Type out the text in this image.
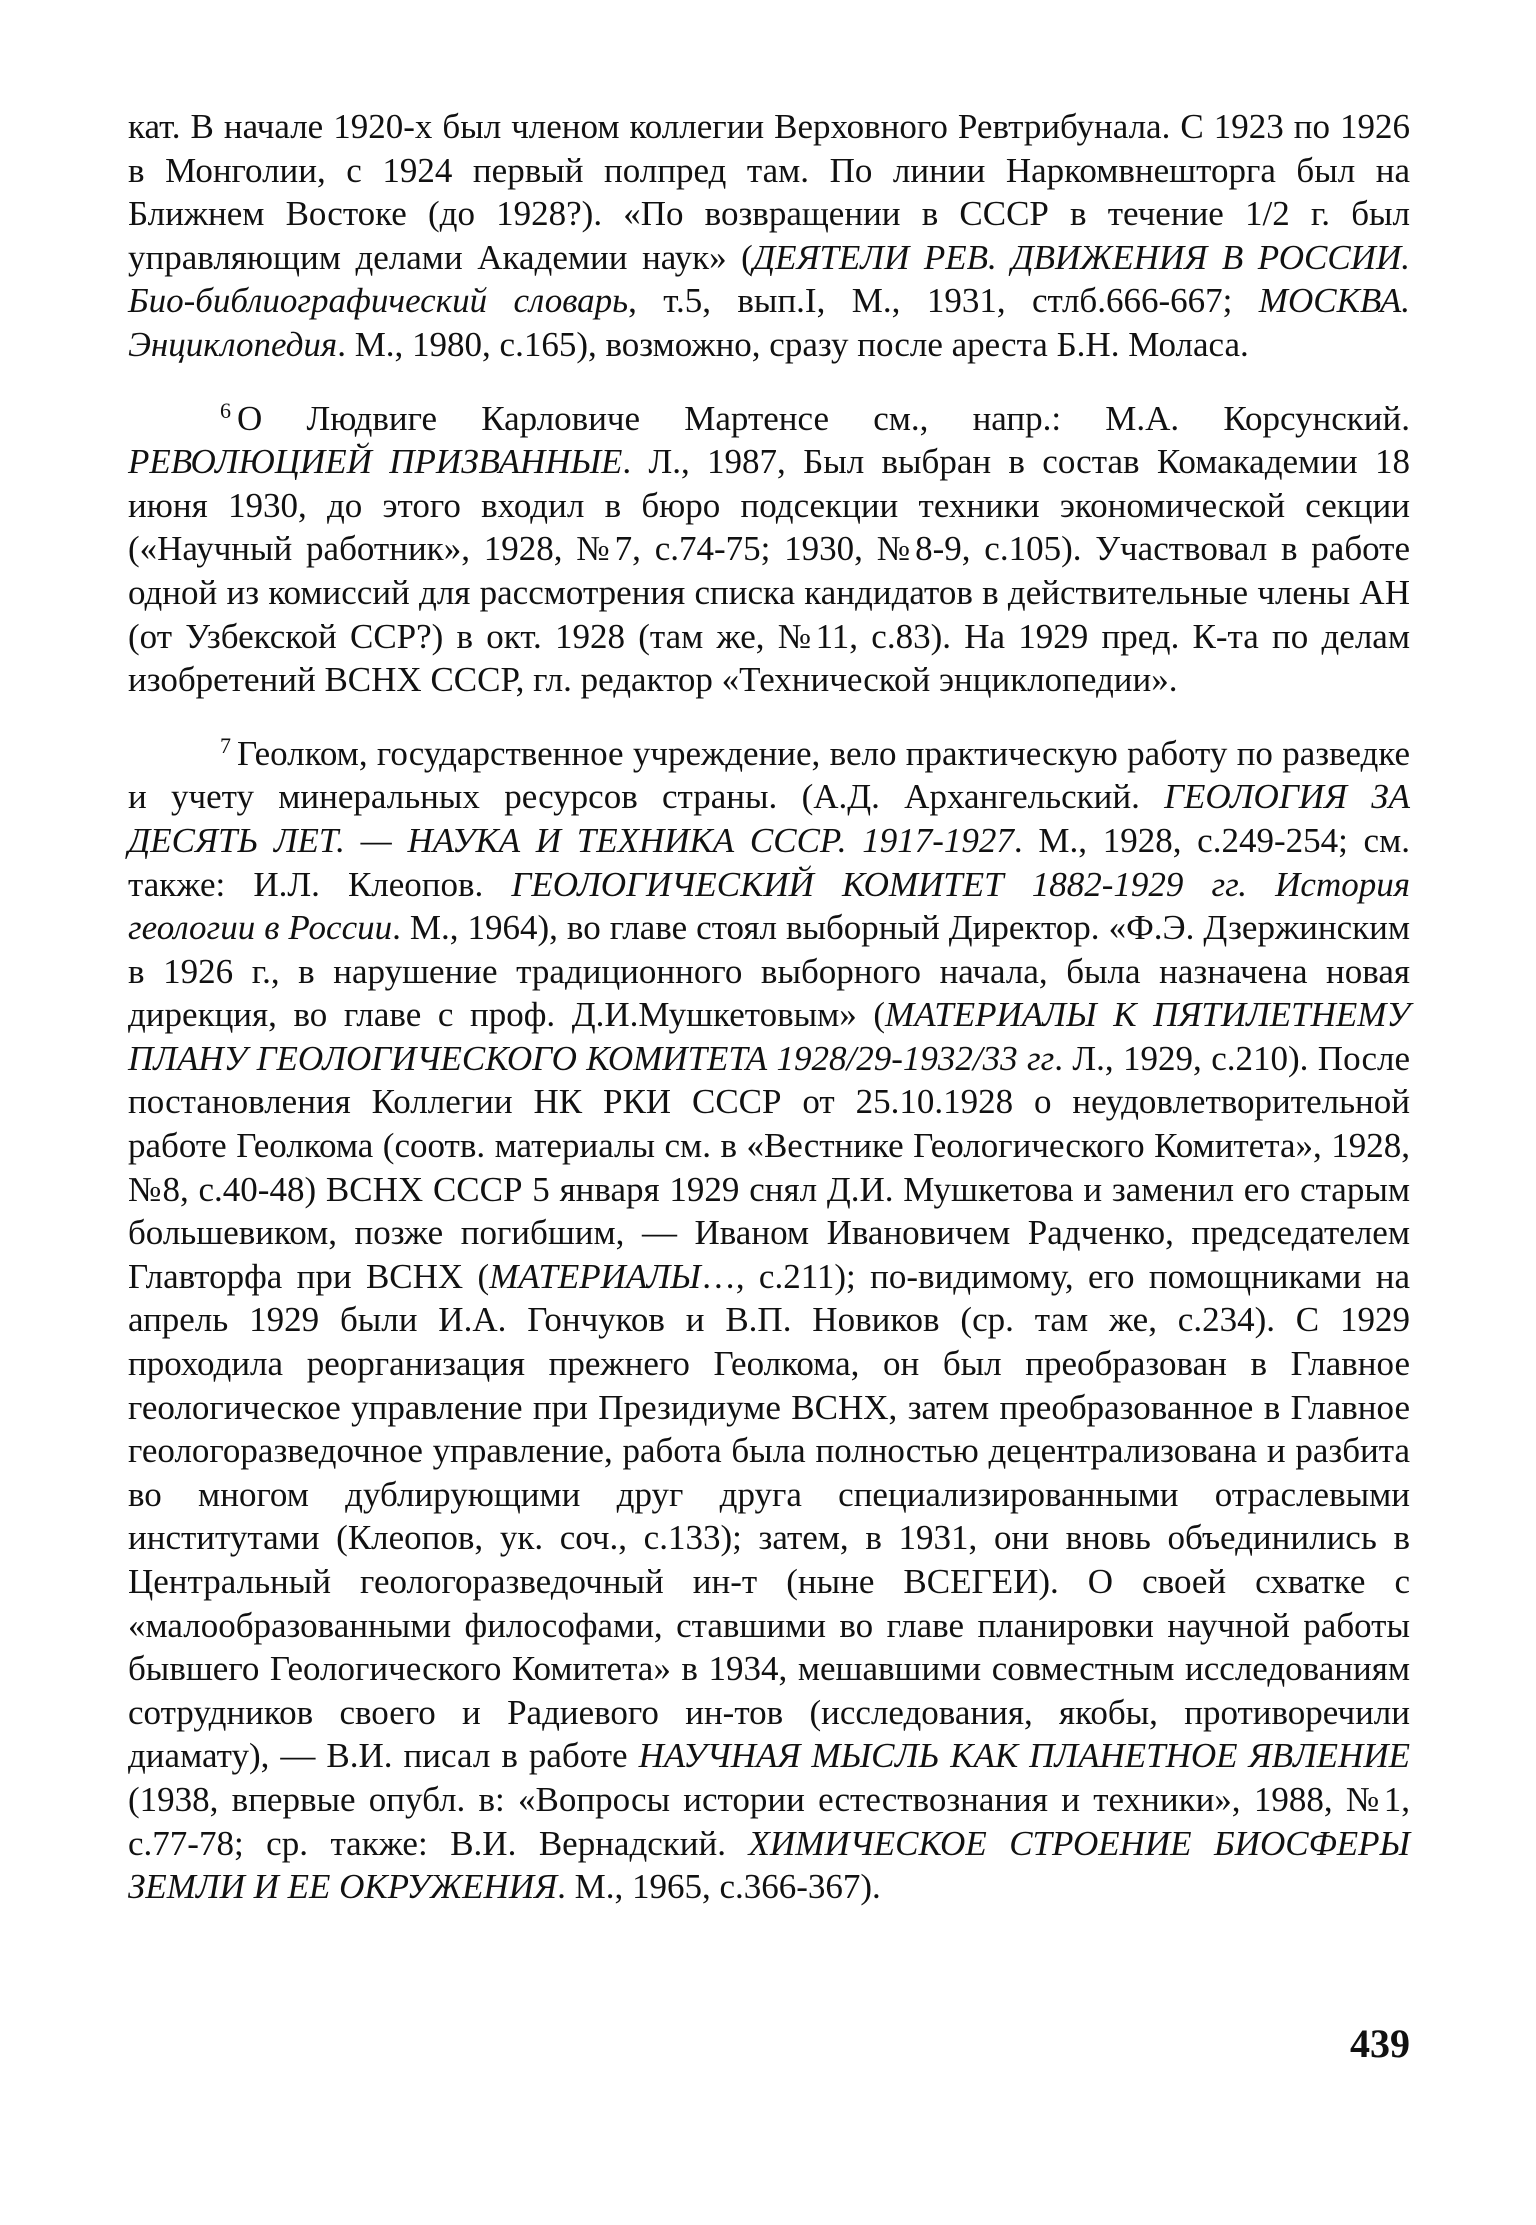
кат. В начале 1920-х был членом коллегии Верховного Ревтрибунала. С 1923 по 1926 в Монголии, с 1924 первый полпред там. По линии Наркомвнешторга был на Ближнем Востоке (до 1928?). «По возвращении в СССР в течение 1/2 г. был управляющим делами Академии наук» (ДЕЯТЕЛИ РЕВ. ДВИЖЕНИЯ В РОССИИ. Био-библиографический словарь, т.5, вып.I, М., 1931, стлб.666-667; МОСКВА. Энциклопедия. М., 1980, с.165), возможно, сразу после ареста Б.Н. Моласа.

$^6$ О Людвиге Карловиче Мартенсе см., напр.: М.А. Корсунский. РЕВОЛЮЦИЕЙ ПРИЗВАННЫЕ. Л., 1987, Был выбран в состав Комакадемии 18 июня 1930, до этого входил в бюро подсекции техники экономической секции («Научный работник», 1928, №7, с.74-75; 1930, №8-9, с.105). Участвовал в работе одной из комиссий для рассмотрения списка кандидатов в действительные члены АН (от Узбекской ССР?) в окт. 1928 (там же, №11, с.83). На 1929 пред. К-та по делам изобретений ВСНХ СССР, гл. редактор «Технической энциклопедии».

$^7$ Геолком, государственное учреждение, вело практическую работу по разведке и учету минеральных ресурсов страны. (А.Д. Архангельский. ГЕОЛОГИЯ ЗА ДЕСЯТЬ ЛЕТ. — НАУКА И ТЕХНИКА СССР. 1917-1927. М., 1928, с.249-254; см. также: И.Л. Клеопов. ГЕОЛОГИЧЕСКИЙ КОМИТЕТ 1882-1929 гг. История геологии в России. М., 1964), во главе стоял выборный Директор. «Ф.Э. Дзержинским в 1926 г., в нарушение традиционного выборного начала, была назначена новая дирекция, во главе с проф. Д.И.Мушкетовым» (МАТЕРИАЛЫ К ПЯТИЛЕТНЕМУ ПЛАНУ ГЕОЛОГИЧЕСКОГО КОМИТЕТА 1928/29-1932/33 гг. Л., 1929, с.210). После постановления Коллегии НК РКИ СССР от 25.10.1928 о неудовлетворительной работе Геолкома (соотв. материалы см. в «Вестнике Геологического Комитета», 1928, №8, с.40-48) ВСНХ СССР 5 января 1929 снял Д.И. Мушкетова и заменил его старым большевиком, позже погибшим, — Иваном Ивановичем Радченко, председателем Главторфа при ВСНХ (МАТЕРИАЛЫ…, с.211); по-видимому, его помощниками на апрель 1929 были И.А. Гончуков и В.П. Новиков (ср. там же, с.234). С 1929 проходила реорганизация прежнего Геолкома, он был преобразован в Главное геологическое управление при Президиуме ВСНХ, затем преобразованное в Главное геологоразведочное управление, работа была полностью децентрализована и разбита во многом дублирующими друг друга специализированными отраслевыми институтами (Клеопов, ук. соч., с.133); затем, в 1931, они вновь объединились в Центральный геологоразведочный ин-т (ныне ВСЕГЕИ). О своей схватке с «малообразованными философами, ставшими во главе планировки научной работы бывшего Геологического Комитета» в 1934, мешавшими совместным исследованиям сотрудников своего и Радиевого ин-тов (исследования, якобы, противоречили диамату), — В.И. писал в работе НАУЧНАЯ МЫСЛЬ КАК ПЛАНЕТНОЕ ЯВЛЕНИЕ (1938, впервые опубл. в: «Вопросы истории естествознания и техники», 1988, №1, с.77-78; ср. также: В.И. Вернадский. ХИМИЧЕСКОЕ СТРОЕНИЕ БИОСФЕРЫ ЗЕМЛИ И ЕЕ ОКРУЖЕНИЯ. М., 1965, с.366-367).

439
